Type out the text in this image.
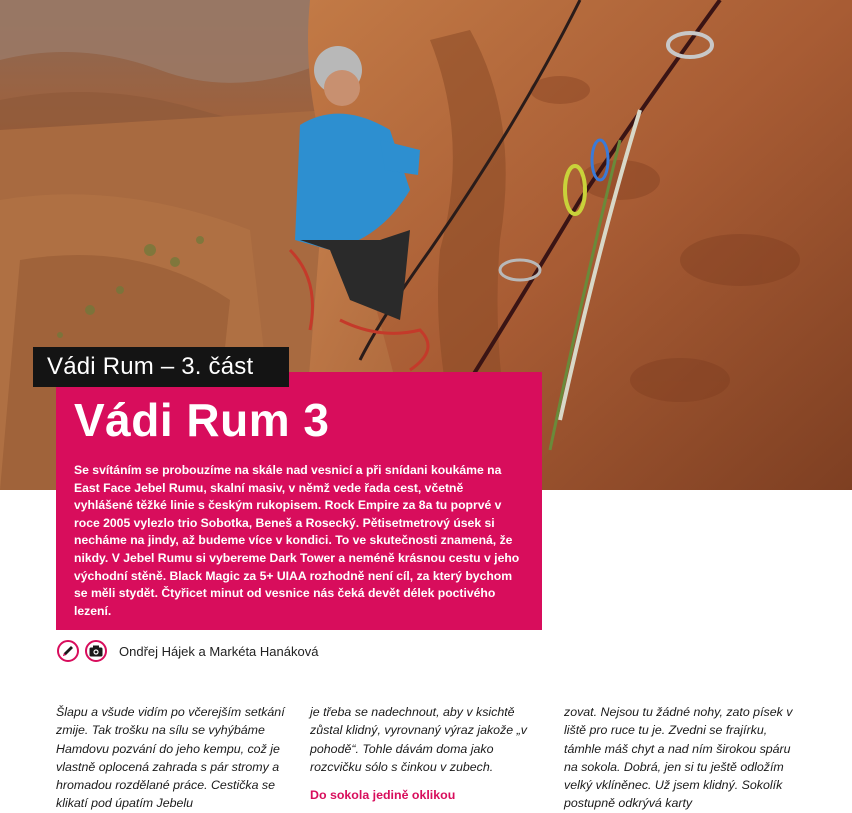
Vádi Rum – 3. část
Vádi Rum 3

Se svítáním se probouzíme na skále nad vesnicí a při snídani koukáme na East Face Jebel Rumu, skalní masiv, v němž vede řada cest, včetně vyhlášené těžké linie s českým rukopisem. Rock Empire za 8a tu poprvé v roce 2005 vylezlo trio Sobotka, Beneš a Rosecký. Pětisetmetrový úsek si necháme na jindy, až budeme více v kondici. To ve skutečnosti znamená, že nikdy. V Jebel Rumu si vybereme Dark Tower a neméně krásnou cestu v jeho východní stěně. Black Magic za 5+ UIAA rozhodně není cíl, za který bychom se měli stydět. Čtyřicet minut od vesnice nás čeká devět délek poctivého lezení.

Ondřej Hájek a Markéta Hanáková

Šlapu a všude vidím po včerejším setkání zmije. Tak trošku na sílu se vyhýbáme Hamdovu pozvání do jeho kempu, což je vlastně oplocená zahrada s pár stromy a hromadou rozdělané práce. Cestička se klikatí pod úpatím Jebelu

je třeba se nadechnout, aby v ksichtě zůstal klidný, vyrovnaný výraz jakože „v pohodě“. Tohle dávám doma jako rozcvičku sólo s činkou v zubech.

Do sokola jedině oklikou

zovat. Nejsou tu žádné nohy, zato písek v liště pro ruce tu je. Zvedni se frajírku, támhle máš chyt a nad ním širokou spáru na sokola. Dobrá, jen si tu ještě odložím velký vklíněnec. Už jsem klidný. Sokolík postupně odkrývá karty
